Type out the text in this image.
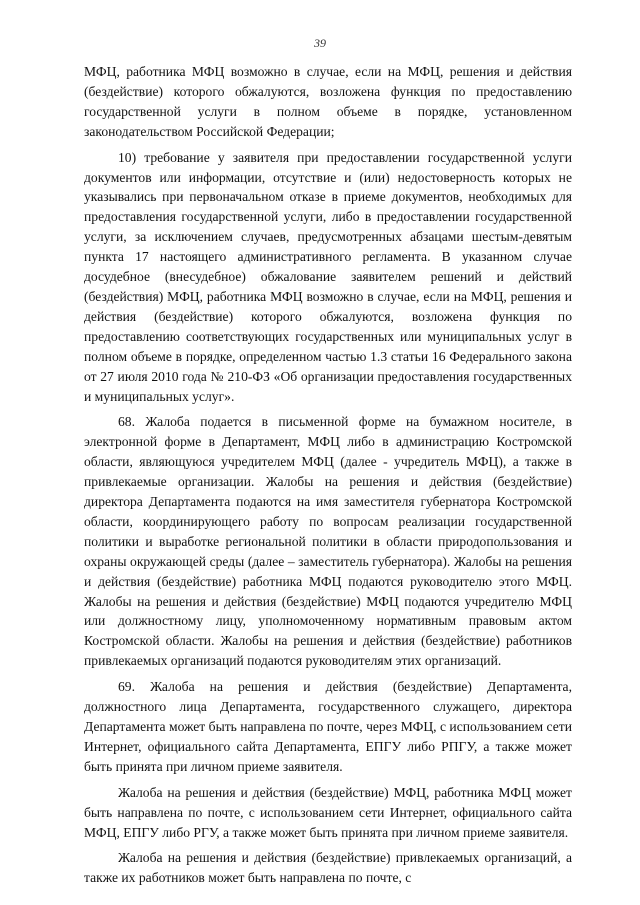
39

МФЦ, работника МФЦ возможно в случае, если на МФЦ, решения и действия (бездействие) которого обжалуются, возложена функция по предоставлению государственной услуги в полном объеме в порядке, установленном законодательством Российской Федерации;

10) требование у заявителя при предоставлении государственной услуги документов или информации, отсутствие и (или) недостоверность которых не указывались при первоначальном отказе в приеме документов, необходимых для предоставления государственной услуги, либо в предоставлении государственной услуги, за исключением случаев, предусмотренных абзацами шестым-девятым пункта 17 настоящего административного регламента. В указанном случае досудебное (внесудебное) обжалование заявителем решений и действий (бездействия) МФЦ, работника МФЦ возможно в случае, если на МФЦ, решения и действия (бездействие) которого обжалуются, возложена функция по предоставлению соответствующих государственных или муниципальных услуг в полном объеме в порядке, определенном частью 1.3 статьи 16 Федерального закона от 27 июля 2010 года № 210-ФЗ «Об организации предоставления государственных и муниципальных услуг».

68. Жалоба подается в письменной форме на бумажном носителе, в электронной форме в Департамент, МФЦ либо в администрацию Костромской области, являющуюся учредителем МФЦ (далее - учредитель МФЦ), а также в привлекаемые организации. Жалобы на решения и действия (бездействие) директора Департамента подаются на имя заместителя губернатора Костромской области, координирующего работу по вопросам реализации государственной политики и выработке региональной политики в области природопользования и охраны окружающей среды (далее – заместитель губернатора). Жалобы на решения и действия (бездействие) работника МФЦ подаются руководителю этого МФЦ. Жалобы на решения и действия (бездействие) МФЦ подаются учредителю МФЦ или должностному лицу, уполномоченному нормативным правовым актом Костромской области. Жалобы на решения и действия (бездействие) работников привлекаемых организаций подаются руководителям этих организаций.

69. Жалоба на решения и действия (бездействие) Департамента, должностного лица Департамента, государственного служащего, директора Департамента может быть направлена по почте, через МФЦ, с использованием сети Интернет, официального сайта Департамента, ЕПГУ либо РПГУ, а также может быть принята при личном приеме заявителя.

Жалоба на решения и действия (бездействие) МФЦ, работника МФЦ может быть направлена по почте, с использованием сети Интернет, официального сайта МФЦ, ЕПГУ либо РГУ, а также может быть принята при личном приеме заявителя.

Жалоба на решения и действия (бездействие) привлекаемых организаций, а также их работников может быть направлена по почте, с
